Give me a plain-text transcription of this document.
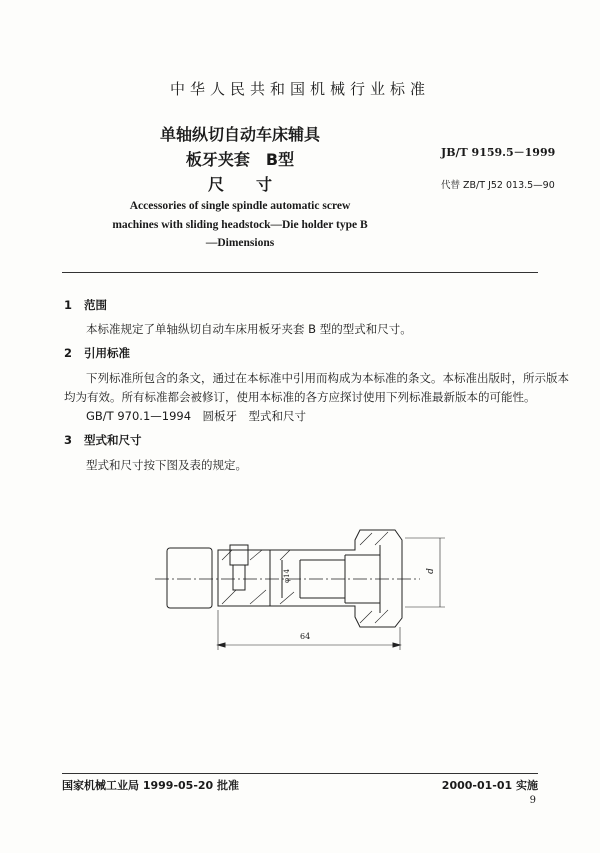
中华人民共和国机械行业标准
单轴纵切自动车床辅具
板牙夹套　B型
尺　　寸
Accessories of single spindle automatic screw
machines with sliding headstock—Die holder type B
—Dimensions
JB/T 9159.5－1999
代替 ZB/T J52 013.5—90
1 范围
本标准规定了单轴纵切自动车床用板牙夹套 B 型的型式和尺寸。
2 引用标准
下列标准所包含的条文，通过在本标准中引用而构成为本标准的条文。本标准出版时，所示版本
均为有效。所有标准都会被修订，使用本标准的各方应探讨使用下列标准最新版本的可能性。
GB/T 970.1—1994　圆板牙　型式和尺寸
3 型式和尺寸
型式和尺寸按下图及表的规定。
64
φ14	d
国家机械工业局 1999-05-20 批准	2000-01-01 实施
9
